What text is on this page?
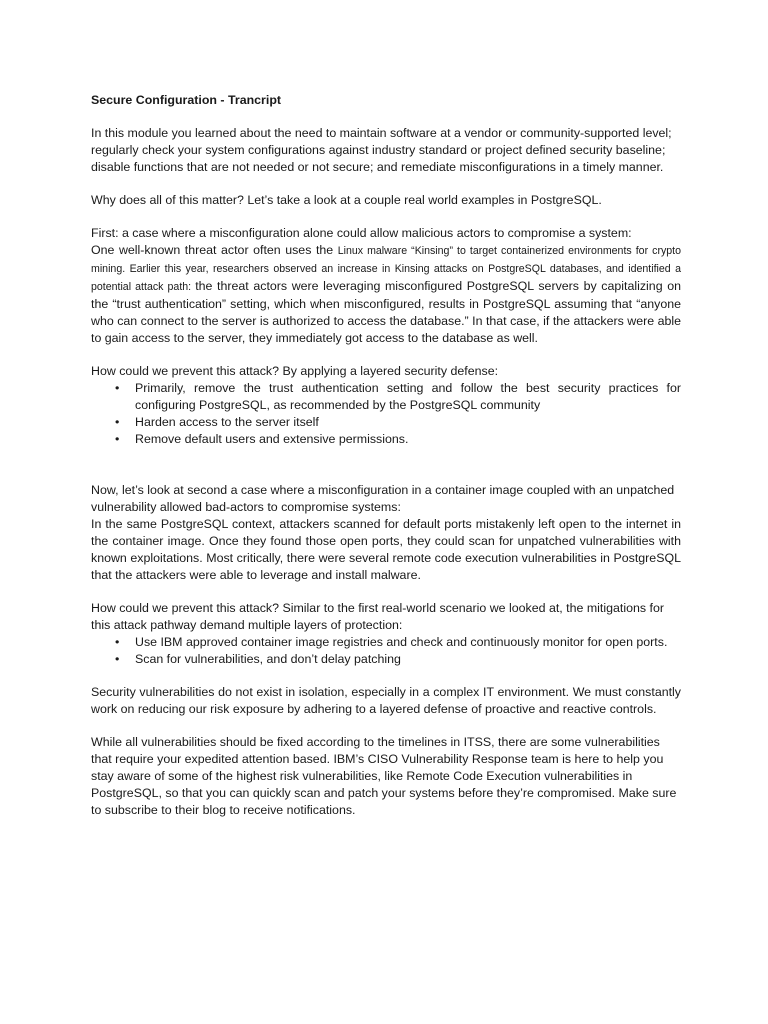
Secure Configuration - Trancript

In this module you learned about the need to maintain software at a vendor or community-supported level; regularly check your system configurations against industry standard or project defined security baseline; disable functions that are not needed or not secure; and remediate misconfigurations in a timely manner.

Why does all of this matter? Let’s take a look at a couple real world examples in PostgreSQL.

First: a case where a misconfiguration alone could allow malicious actors to compromise a system:

One well-known threat actor often uses the Linux malware “Kinsing” to target containerized environments for crypto mining. Earlier this year, researchers observed an increase in Kinsing attacks on PostgreSQL databases, and identified a potential attack path: the threat actors were leveraging misconfigured PostgreSQL servers by capitalizing on the “trust authentication” setting, which when misconfigured, results in PostgreSQL assuming that “anyone who can connect to the server is authorized to access the database.” In that case, if the attackers were able to gain access to the server, they immediately got access to the database as well.

How could we prevent this attack? By applying a layered security defense:

• Primarily, remove the trust authentication setting and follow the best security practices for configuring PostgreSQL, as recommended by the PostgreSQL community
• Harden access to the server itself
• Remove default users and extensive permissions.

Now, let’s look at second a case where a misconfiguration in a container image coupled with an unpatched vulnerability allowed bad-actors to compromise systems:

In the same PostgreSQL context, attackers scanned for default ports mistakenly left open to the internet in the container image. Once they found those open ports, they could scan for unpatched vulnerabilities with known exploitations. Most critically, there were several remote code execution vulnerabilities in PostgreSQL that the attackers were able to leverage and install malware.

How could we prevent this attack? Similar to the first real-world scenario we looked at, the mitigations for this attack pathway demand multiple layers of protection:

• Use IBM approved container image registries and check and continuously monitor for open ports.
• Scan for vulnerabilities, and don’t delay patching

Security vulnerabilities do not exist in isolation, especially in a complex IT environment. We must constantly work on reducing our risk exposure by adhering to a layered defense of proactive and reactive controls.

While all vulnerabilities should be fixed according to the timelines in ITSS, there are some vulnerabilities that require your expedited attention based. IBM’s CISO Vulnerability Response team is here to help you stay aware of some of the highest risk vulnerabilities, like Remote Code Execution vulnerabilities in PostgreSQL, so that you can quickly scan and patch your systems before they’re compromised. Make sure to subscribe to their blog to receive notifications.
